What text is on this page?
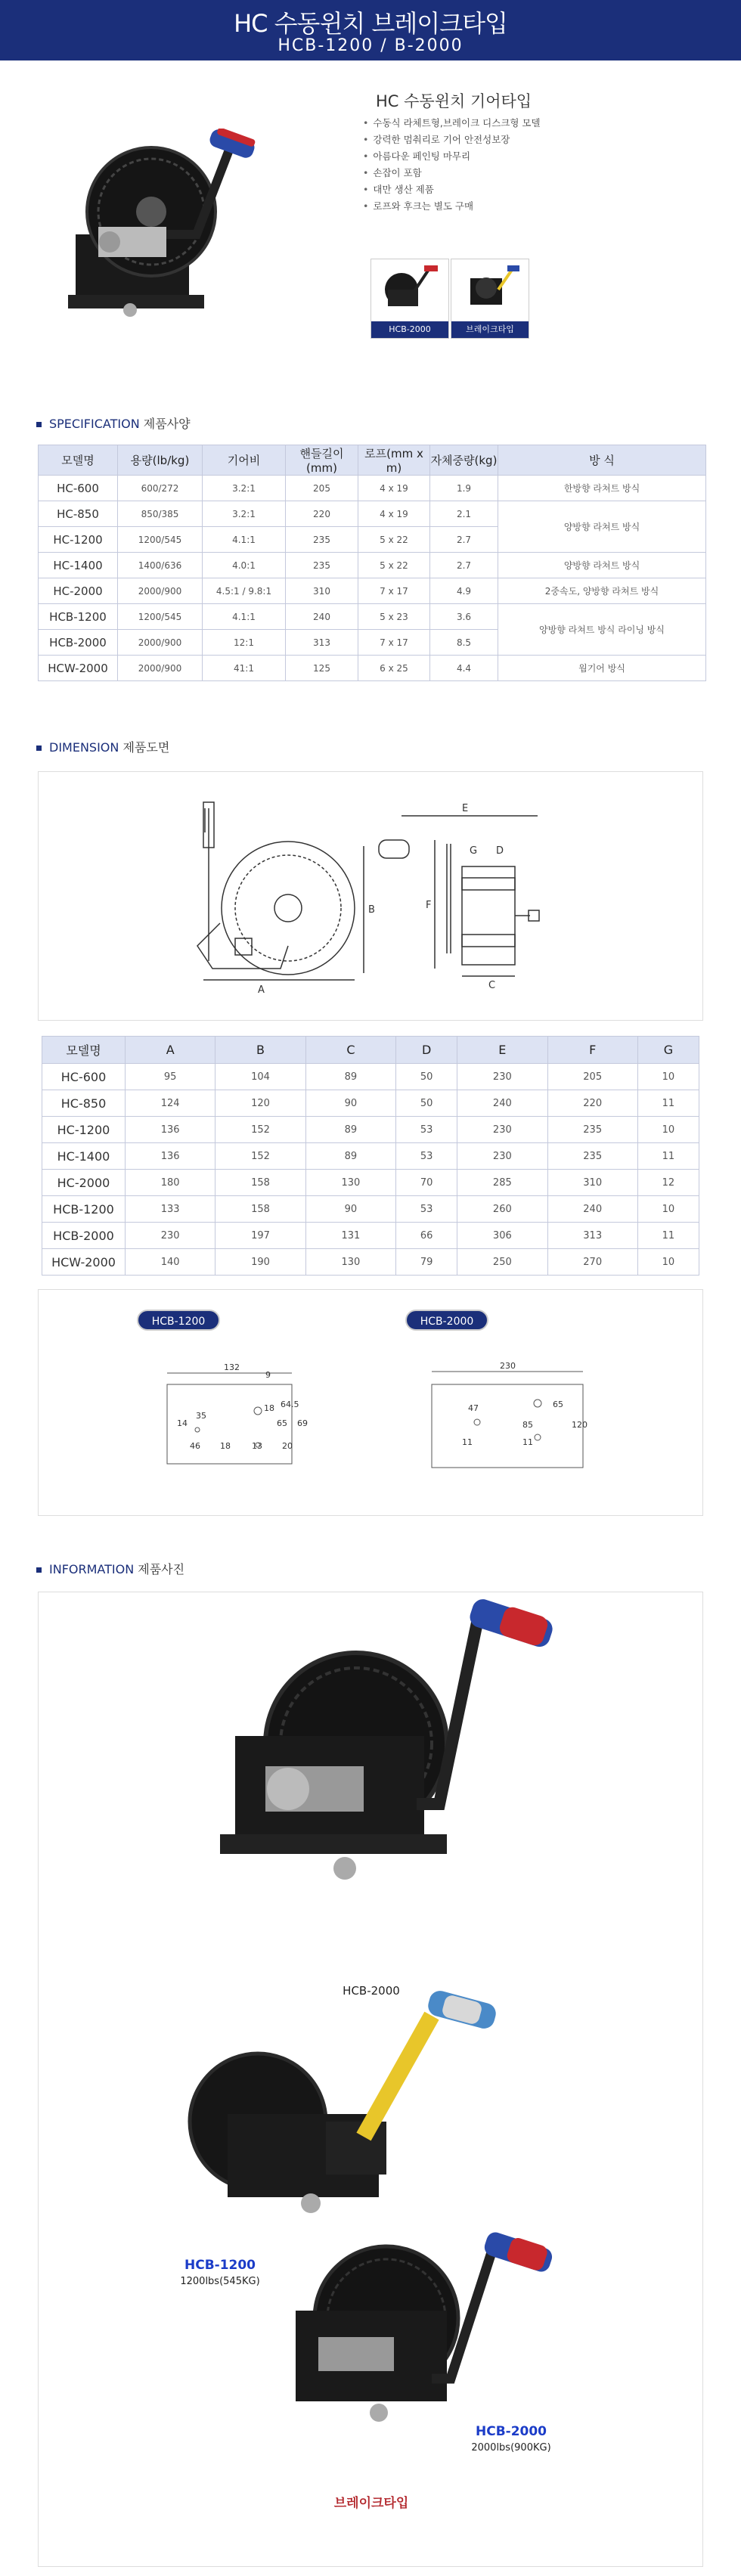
HC 수동윈치 브레이크타입
HCB-1200 / B-2000
HC 수동윈치 기어타입
• 수동식 라체트형,브레이크 디스크형 모델
• 강력한 멈춰리로 기어 안전성보장
• 아름다운 페인팅 마무리
• 손잡이 포함
• 대만 생산 제품
• 로프와 후크는 별도 구매
HCB-2000	브레이크타입
SPECIFICATION 제품사양
모델명	용량(lb/kg)	기어비	핸들길이(mm)	로프(mm x m)	자체중량(kg)	방 식
HC-600	600/272	3.2:1	205	4 x 19	1.9	한방향 라쳐트 방식
HC-850	850/385	3.2:1	220	4 x 19	2.1	양방향 라쳐트 방식
HC-1200	1200/545	4.1:1	235	5 x 22	2.7	
HC-1400	1400/636	4.0:1	235	5 x 22	2.7	양방향 라쳐트 방식
HC-2000	2000/900	4.5:1 / 9.8:1	310	7 x 17	4.9	2중속도, 양방향 라쳐트 방식
HCB-1200	1200/545	4.1:1	240	5 x 23	3.6	양방향 라쳐트 방식 라이닝 방식
HCB-2000	2000/900	12:1	313	7 x 17	8.5	
HCW-2000	2000/900	41:1	125	6 x 25	4.4	웜기어 방식
DIMENSION 제품도면
A
B
E
F
G D
C
모델명	A	B	C	D	E	F	G
HC-600	95	104	89	50	230	205	10
HC-850	124	120	90	50	240	220	11
HC-1200	136	152	89	53	230	235	10
HC-1400	136	152	89	53	230	235	11
HC-2000	180	158	130	70	285	310	12
HCB-1200	133	158	90	53	260	240	10
HCB-2000	230	197	131	66	306	313	11
HCW-2000	140	190	130	79	250	270	10
HCB-1200	HCB-2000
132
9
18
35
14
46 18
65 69
13
64.5
20
230
47
11
85	120
11
65
INFORMATION 제품사진
HCB-2000
HCB-1200
1200lbs(545KG)
HCB-2000
2000lbs(900KG)
브레이크타입
